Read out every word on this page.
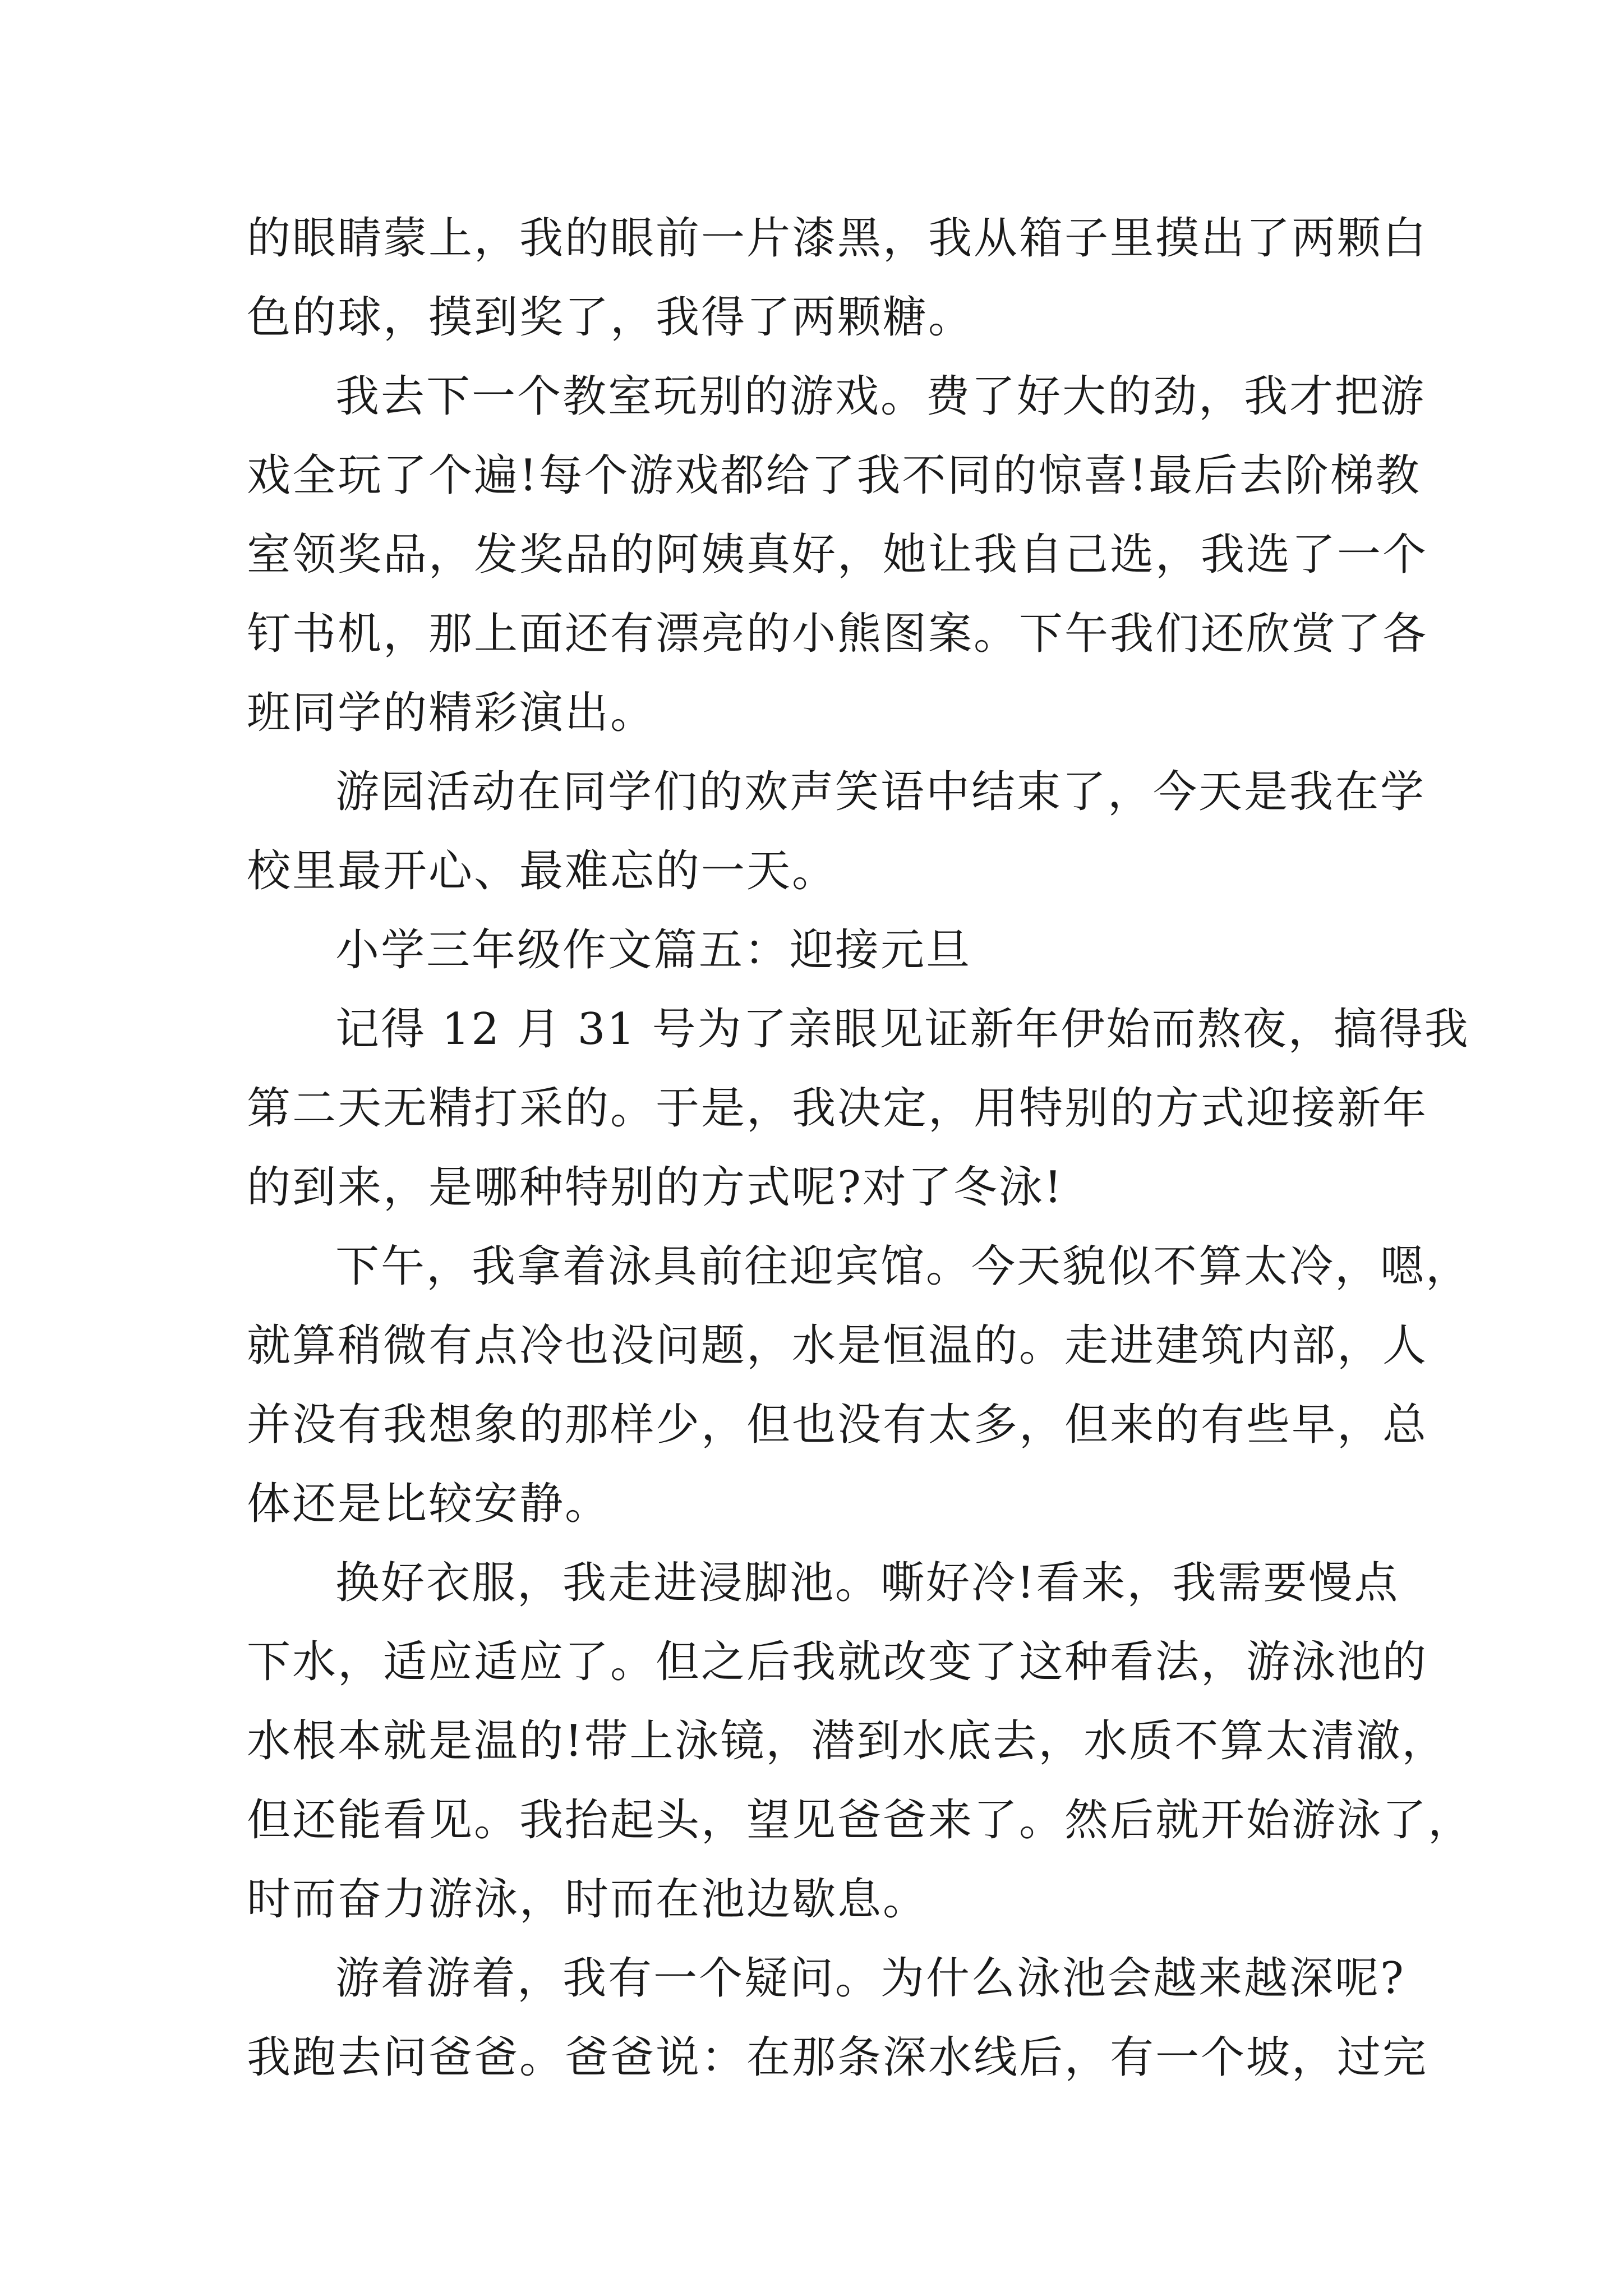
的眼睛蒙上，我的眼前一片漆黑，我从箱子里摸出了两颗白
色的球，摸到奖了，我得了两颗糖。
我去下一个教室玩别的游戏。费了好大的劲，我才把游
戏全玩了个遍!每个游戏都给了我不同的惊喜!最后去阶梯教
室领奖品，发奖品的阿姨真好，她让我自己选，我选了一个
钉书机，那上面还有漂亮的小熊图案。下午我们还欣赏了各
班同学的精彩演出。
游园活动在同学们的欢声笑语中结束了，今天是我在学
校里最开心、最难忘的一天。
小学三年级作文篇五：迎接元旦
记得 12 月 31 号为了亲眼见证新年伊始而熬夜，搞得我
第二天无精打采的。于是，我决定，用特别的方式迎接新年
的到来，是哪种特别的方式呢?对了冬泳!
下午，我拿着泳具前往迎宾馆。今天貌似不算太冷，嗯，
就算稍微有点冷也没问题，水是恒温的。走进建筑内部，人
并没有我想象的那样少，但也没有太多，但来的有些早，总
体还是比较安静。
换好衣服，我走进浸脚池。嘶好冷!看来，我需要慢点
下水，适应适应了。但之后我就改变了这种看法，游泳池的
水根本就是温的!带上泳镜，潜到水底去，水质不算太清澈，
但还能看见。我抬起头，望见爸爸来了。然后就开始游泳了，
时而奋力游泳，时而在池边歇息。
游着游着，我有一个疑问。为什么泳池会越来越深呢?
我跑去问爸爸。爸爸说：在那条深水线后，有一个坡，过完
